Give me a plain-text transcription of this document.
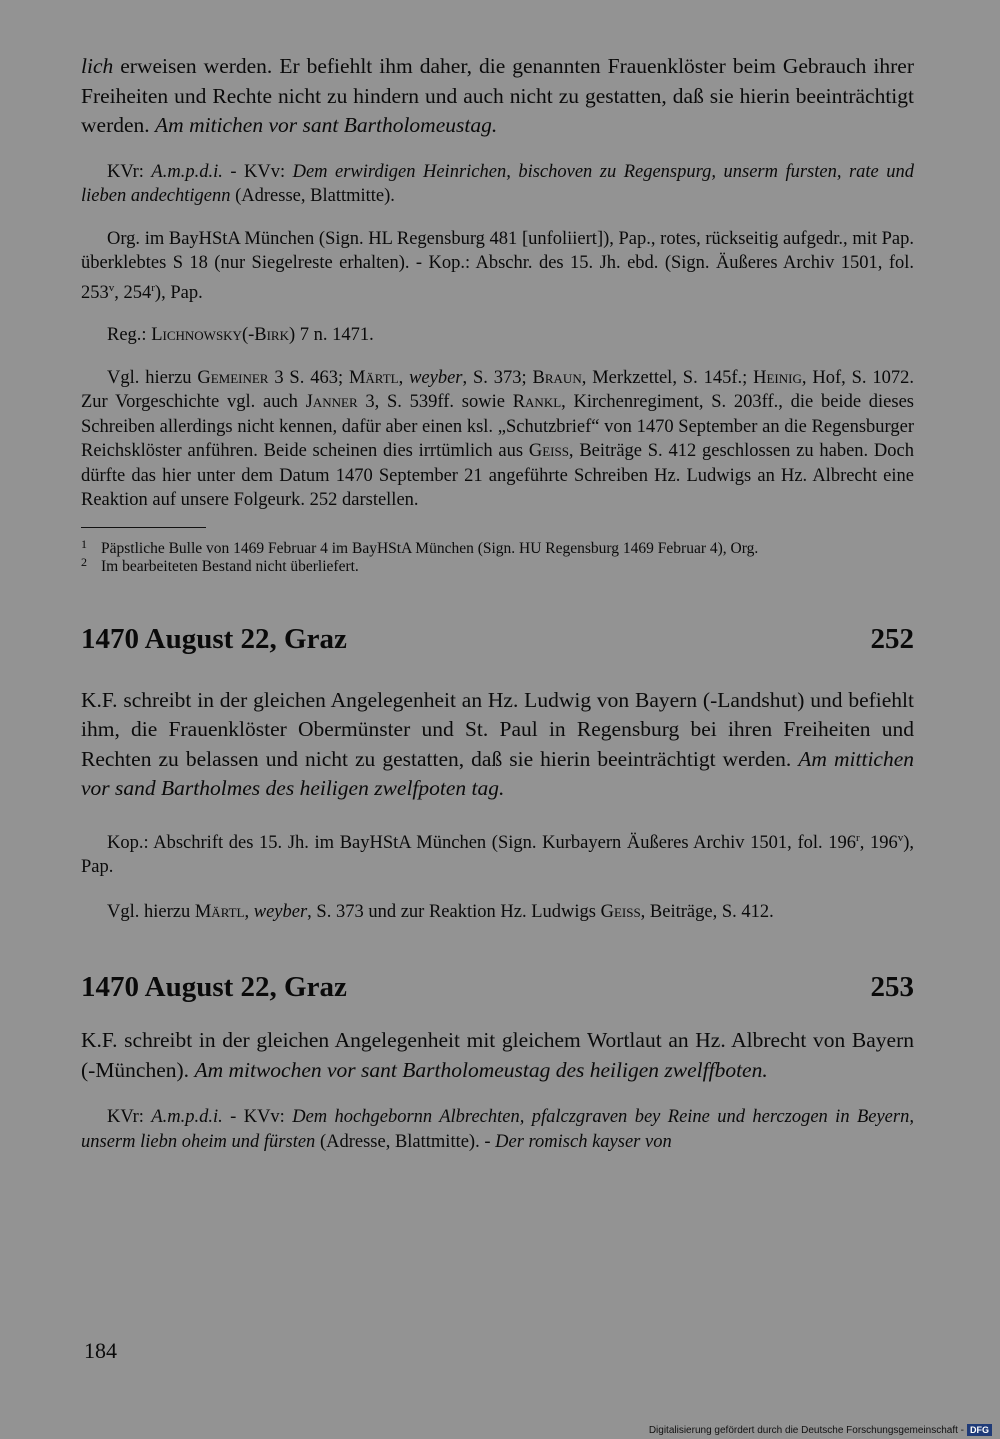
lich erweisen werden. Er befiehlt ihm daher, die genannten Frauenklöster beim Gebrauch ihrer Freiheiten und Rechte nicht zu hindern und auch nicht zu gestatten, daß sie hierin beeinträchtigt werden. Am mitichen vor sant Bartholomeustag.

KVr: A.m.p.d.i. - KVv: Dem erwirdigen Heinrichen, bischoven zu Regenspurg, unserm fursten, rate und lieben andechtigenn (Adresse, Blattmitte).

Org. im BayHStA München (Sign. HL Regensburg 481 [unfoliiert]), Pap., rotes, rückseitig aufgedr., mit Pap. überklebtes S 18 (nur Siegelreste erhalten). - Kop.: Abschr. des 15. Jh. ebd. (Sign. Äußeres Archiv 1501, fol. 253$^v$, 254$^r$), Pap.

Reg.: Lichnowsky(-Birk) 7 n. 1471.

Vgl. hierzu Gemeiner 3 S. 463; Märtl, weyber, S. 373; Braun, Merkzettel, S. 145f.; Heinig, Hof, S. 1072. Zur Vorgeschichte vgl. auch Janner 3, S. 539ff. sowie Rankl, Kirchenregiment, S. 203ff., die beide dieses Schreiben allerdings nicht kennen, dafür aber einen ksl. „Schutzbrief“ von 1470 September an die Regensburger Reichsklöster anführen. Beide scheinen dies irrtümlich aus Geiß, Beiträge S. 412 geschlossen zu haben. Doch dürfte das hier unter dem Datum 1470 September 21 angeführte Schreiben Hz. Ludwigs an Hz. Albrecht eine Reaktion auf unsere Folgeurk. 252 darstellen.

1 Päpstliche Bulle von 1469 Februar 4 im BayHStA München (Sign. HU Regensburg 1469 Februar 4), Org.

2 Im bearbeiteten Bestand nicht überliefert.

1470 August 22, Graz	252

K.F. schreibt in der gleichen Angelegenheit an Hz. Ludwig von Bayern (-Landshut) und befiehlt ihm, die Frauenklöster Obermünster und St. Paul in Regensburg bei ihren Freiheiten und Rechten zu belassen und nicht zu gestatten, daß sie hierin beeinträchtigt werden. Am mittichen vor sand Bartholmes des heiligen zwelfpoten tag.

Kop.: Abschrift des 15. Jh. im BayHStA München (Sign. Kurbayern Äußeres Archiv 1501, fol. 196$^r$, 196$^v$), Pap.

Vgl. hierzu Märtl, weyber, S. 373 und zur Reaktion Hz. Ludwigs Geiß, Beiträge, S. 412.

1470 August 22, Graz	253

K.F. schreibt in der gleichen Angelegenheit mit gleichem Wortlaut an Hz. Albrecht von Bayern (-München). Am mitwochen vor sant Bartholomeustag des heiligen zwelffboten.

KVr: A.m.p.d.i. - KVv: Dem hochgebornn Albrechten, pfalczgraven bey Reine und herczogen in Beyern, unserm liebn oheim und fürsten (Adresse, Blattmitte). - Der romisch kayser von

184
Digitalisierung gefördert durch die Deutsche Forschungsgemeinschaft - DFG
